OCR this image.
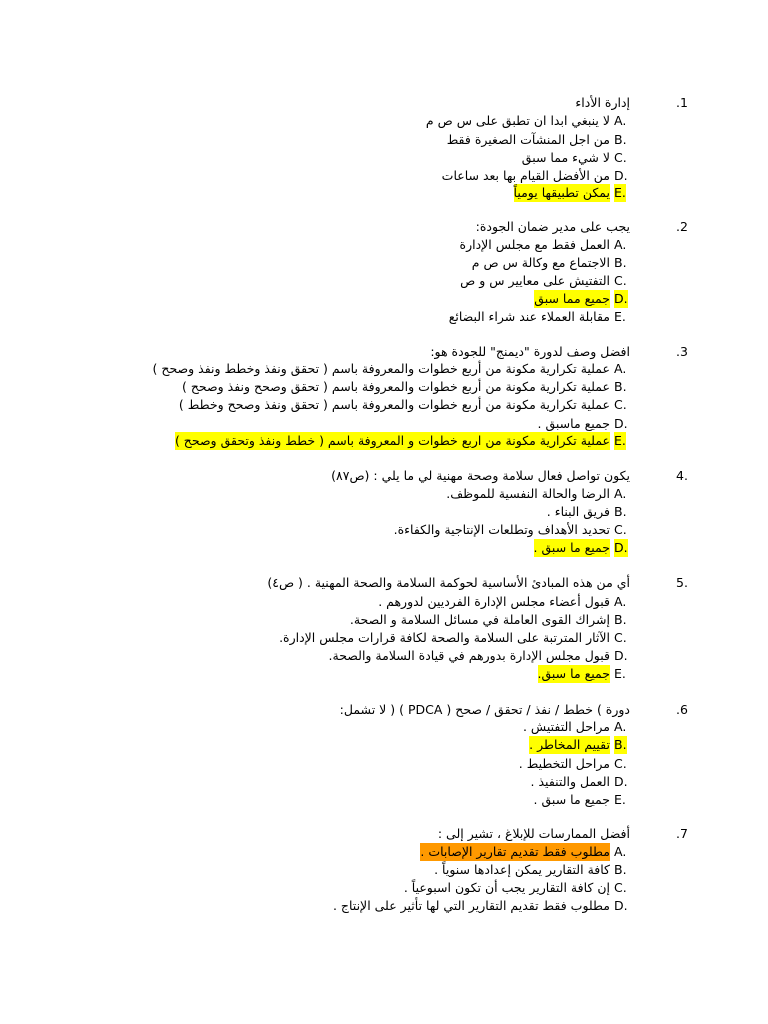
.1
إدارة الأداء
A.
لا ينبغي ابدا ان تطبق على س ص م
B.
من اجل المنشآت الصغيرة فقط
C.
لا شيء مما سبق
D.
من الأفضل القيام بها بعد ساعات
E.
يمكن تطبيقها يومياً
.2
يجب على مدير ضمان الجودة:
A.
العمل فقط مع مجلس الإدارة
B.
الاجتماع مع وكالة س ص م
C.
التفتيش على معايير س و ص
D.
جميع مما سبق
E.
مقابلة العملاء عند شراء البضائع
.3
افضل وصف لدورة "ديمنج" للجودة هو:
A.
عملية تكرارية مكونة من أربع خطوات والمعروفة باسم ( تحقق ونفذ وخطط ونفذ وصحح )
B.
عملية تكرارية مكونة من أربع خطوات والمعروفة باسم ( تحقق وصحح ونفذ وصحح )
C.
عملية تكرارية مكونة من أربع خطوات والمعروفة باسم ( تحقق ونفذ وصحح وخطط )
D.
جميع ماسبق .
E.
عملية تكرارية مكونة من اربع خطوات و المعروفة باسم ( خطط ونفذ وتحقق وصحح )
4.
يكون تواصل فعال سلامة وصحة مهنية لي ما يلي : (ص٨٧)
A.
الرضا والحالة النفسية للموظف.
B.
فريق البناء .
C.
تحديد الأهداف وتطلعات الإنتاجية والكفاءة.
D.
جميع ما سبق .
5.
أي من هذه المبادئ الأساسية لحوكمة السلامة والصحة المهنية . ( ص٤)
A.
قبول أعضاء مجلس الإدارة الفرديين لدورهم .
B.
إشراك القوى العاملة في مسائل السلامة و الصحة.
C.
الآثار المترتبة على السلامة والصحة لكافة قرارات مجلس الإدارة.
D.
قبول مجلس الإدارة بدورهم في قيادة السلامة والصحة.
E.
جميع ما سبق.
.6
دورة ) خطط / نفذ / تحقق / صحح ( PDCA ) ( لا تشمل:
A.
مراحل التفتيش .
B.
تقييم المخاطر .
C.
مراحل التخطيط .
D.
العمل والتنفيذ .
E.
جميع ما سبق .
.7
أفضل الممارسات للإبلاغ ، تشير إلى :
A.
مطلوب فقط تقديم تقارير الإصابات .
B.
كافة التقارير يمكن إعدادها سنوياً .
C.
إن كافة التقارير يجب أن تكون اسبوعياً .
D.
مطلوب فقط تقديم التقارير التي لها تأثير على الإنتاج .
